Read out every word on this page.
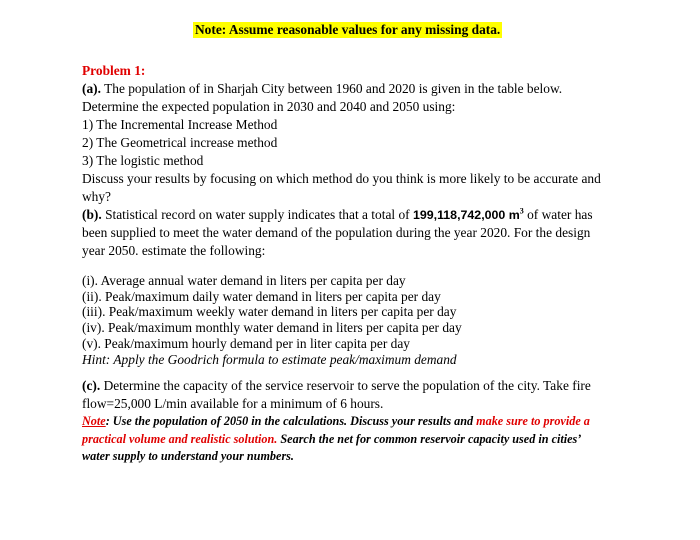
Note: Assume reasonable values for any missing data.
Problem 1:
(a). The population of in Sharjah City between 1960 and 2020 is given in the table below.
Determine the expected population in 2030 and 2040 and 2050 using:
1) The Incremental Increase Method
2) The Geometrical increase method
3) The logistic method
Discuss your results by focusing on which method do you think is more likely to be accurate and
why?
(b). Statistical record on water supply indicates that a total of 199,118,742,000 $m^3$ of water has
been supplied to meet the water demand of the population during the year 2020. For the design
year 2050. estimate the following:
(i). Average annual water demand in liters per capita per day
(ii). Peak/maximum daily water demand in liters per capita per day
(iii). Peak/maximum weekly water demand in liters per capita per day
(iv). Peak/maximum monthly water demand in liters per capita per day
(v). Peak/maximum hourly demand per in liter capita per day
Hint: Apply the Goodrich formula to estimate peak/maximum demand
(c). Determine the capacity of the service reservoir to serve the population of the city. Take fire
flow=25,000 L/min available for a minimum of 6 hours.
Note: Use the population of 2050 in the calculations. Discuss your results and make sure to provide a
practical volume and realistic solution. Search the net for common reservoir capacity used in cities’
water supply to understand your numbers.
